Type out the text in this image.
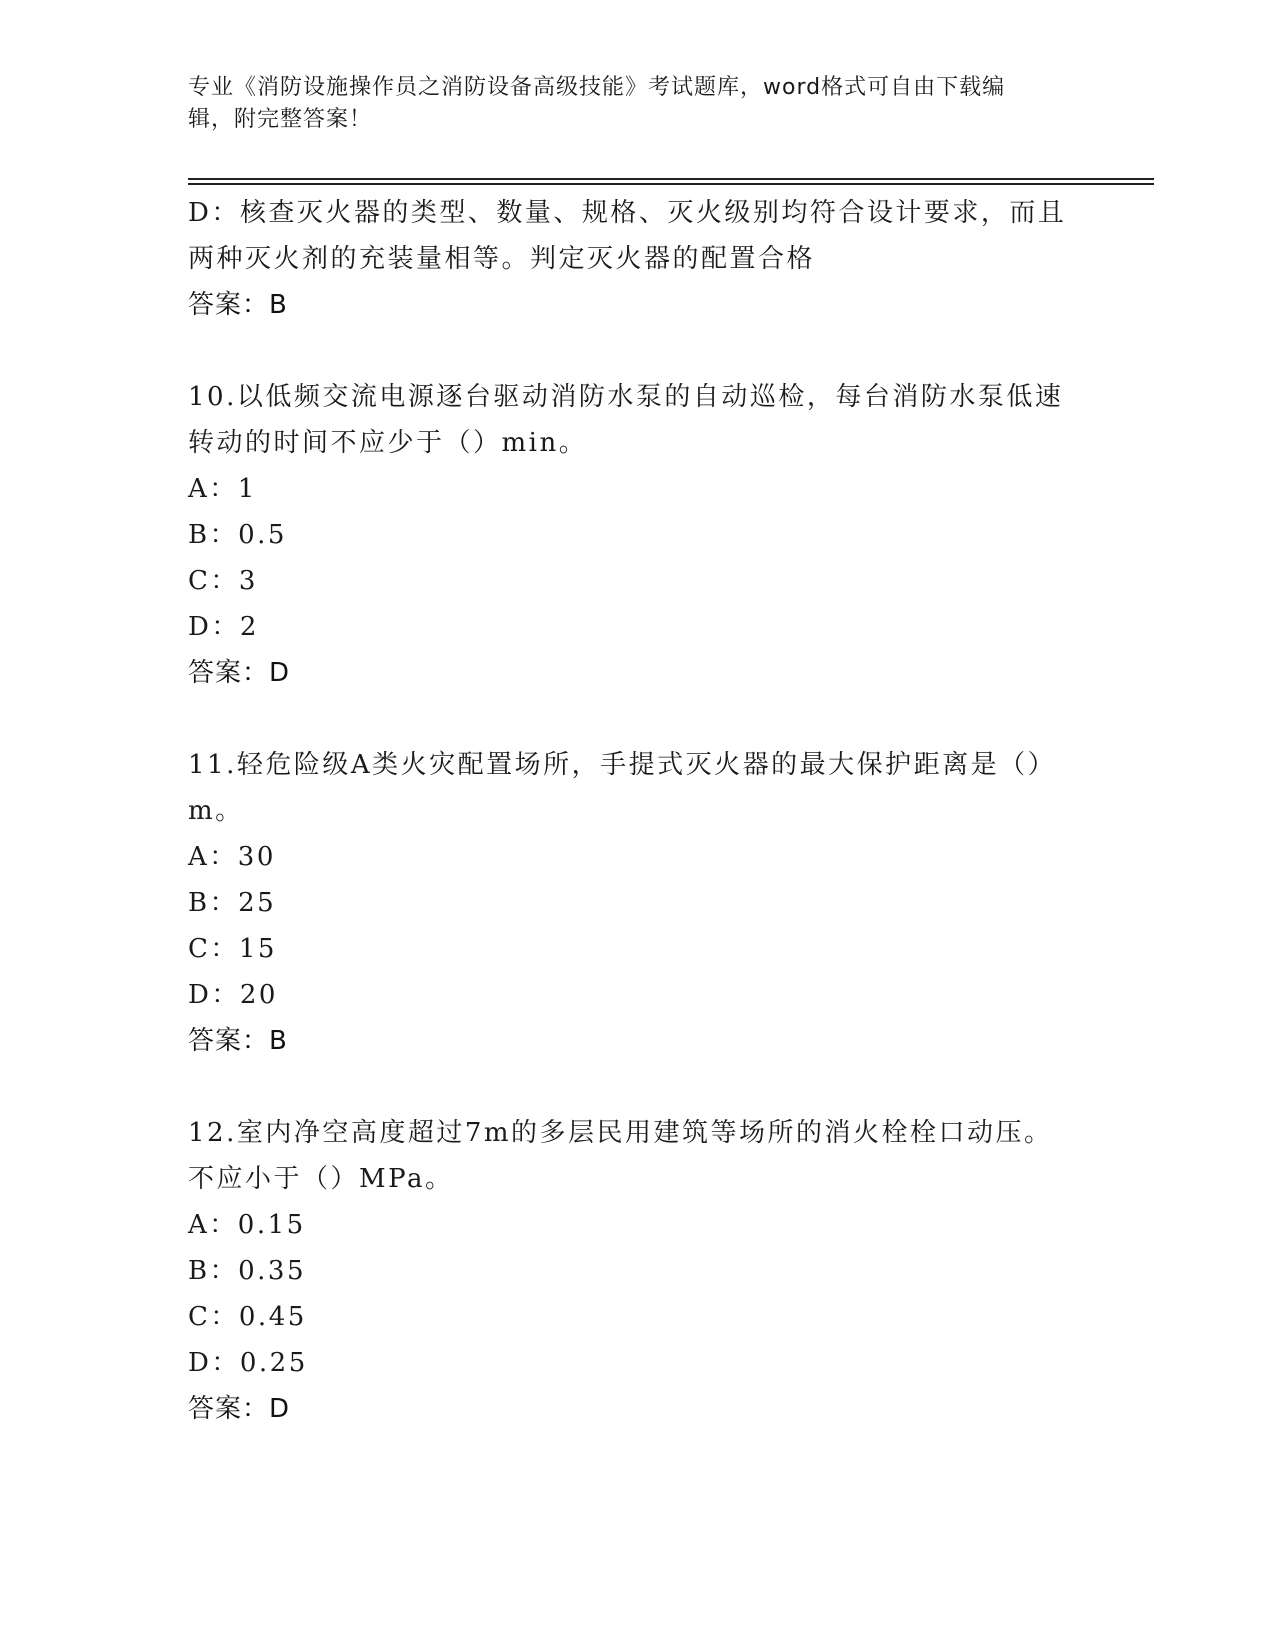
专业《消防设施操作员之消防设备高级技能》考试题库，word格式可自由下载编
辑，附完整答案！
D：核查灭火器的类型、数量、规格、灭火级别均符合设计要求，而且
两种灭火剂的充装量相等。判定灭火器的配置合格
答案：B
10.以低频交流电源逐台驱动消防水泵的自动巡检，每台消防水泵低速
转动的时间不应少于（）min。
A：1
B：0.5
C：3
D：2
答案：D
11.轻危险级A类火灾配置场所，手提式灭火器的最大保护距离是（）
m。
A：30
B：25
C：15
D：20
答案：B
12.室内净空高度超过7m的多层民用建筑等场所的消火栓栓口动压。
不应小于（）MPa。
A：0.15
B：0.35
C：0.45
D：0.25
答案：D
